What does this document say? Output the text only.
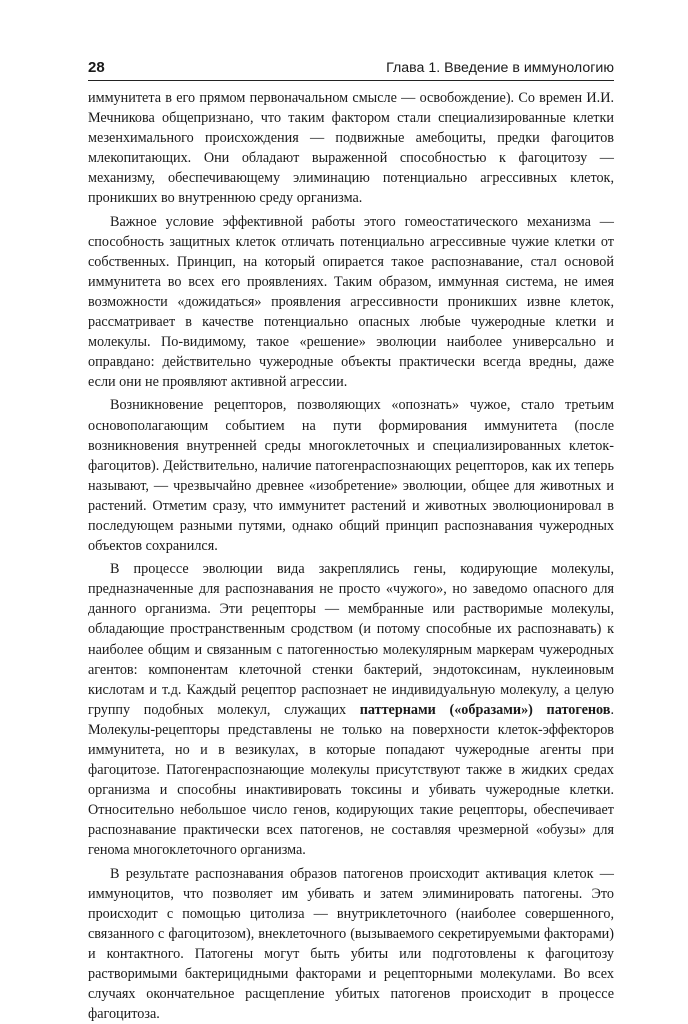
28	Глава 1. Введение в иммунологию

иммунитета в его прямом первоначальном смысле — освобождение). Со времен И.И. Мечникова общепризнано, что таким фактором стали специализированные клетки мезенхимального происхождения — подвижные амебоциты, предки фагоцитов млекопитающих. Они обладают выраженной способностью к фагоцитозу — механизму, обеспечивающему элиминацию потенциально агрессивных клеток, проникших во внутреннюю среду организма.

Важное условие эффективной работы этого гомеостатического механизма — способность защитных клеток отличать потенциально агрессивные чужие клетки от собственных. Принцип, на который опирается такое распознавание, стал основой иммунитета во всех его проявлениях. Таким образом, иммунная система, не имея возможности «дожидаться» проявления агрессивности проникших извне клеток, рассматривает в качестве потенциально опасных любые чужеродные клетки и молекулы. По-видимому, такое «решение» эволюции наиболее универсально и оправдано: действительно чужеродные объекты практически всегда вредны, даже если они не проявляют активной агрессии.

Возникновение рецепторов, позволяющих «опознать» чужое, стало третьим основополагающим событием на пути формирования иммунитета (после возникновения внутренней среды многоклеточных и специализированных клеток-фагоцитов). Действительно, наличие патогенраспознающих рецепторов, как их теперь называют, — чрезвычайно древнее «изобретение» эволюции, общее для животных и растений. Отметим сразу, что иммунитет растений и животных эволюционировал в последующем разными путями, однако общий принцип распознавания чужеродных объектов сохранился.

В процессе эволюции вида закреплялись гены, кодирующие молекулы, предназначенные для распознавания не просто «чужого», но заведомо опасного для данного организма. Эти рецепторы — мембранные или растворимые молекулы, обладающие пространственным сродством (и потому способные их распознавать) к наиболее общим и связанным с патогенностью молекулярным маркерам чужеродных агентов: компонентам клеточной стенки бактерий, эндотоксинам, нуклеиновым кислотам и т.д. Каждый рецептор распознает не индивидуальную молекулу, а целую группу подобных молекул, служащих паттернами («образами») патогенов. Молекулы-рецепторы представлены не только на поверхности клеток-эффекторов иммунитета, но и в везикулах, в которые попадают чужеродные агенты при фагоцитозе. Патогенраспознающие молекулы присутствуют также в жидких средах организма и способны инактивировать токсины и убивать чужеродные клетки. Относительно небольшое число генов, кодирующих такие рецепторы, обеспечивает распознавание практически всех патогенов, не составляя чрезмерной «обузы» для генома многоклеточного организма.

В результате распознавания образов патогенов происходит активация клеток — иммуноцитов, что позволяет им убивать и затем элиминировать патогены. Это происходит с помощью цитолиза — внутриклеточного (наиболее совершенного, связанного с фагоцитозом), внеклеточного (вызываемого секретируемыми факторами) и контактного. Патогены могут быть убиты или подготовлены к фагоцитозу растворимыми бактерицидными факторами и рецепторными молекулами. Во всех случаях окончательное расщепление убитых патогенов происходит в процессе фагоцитоза.
